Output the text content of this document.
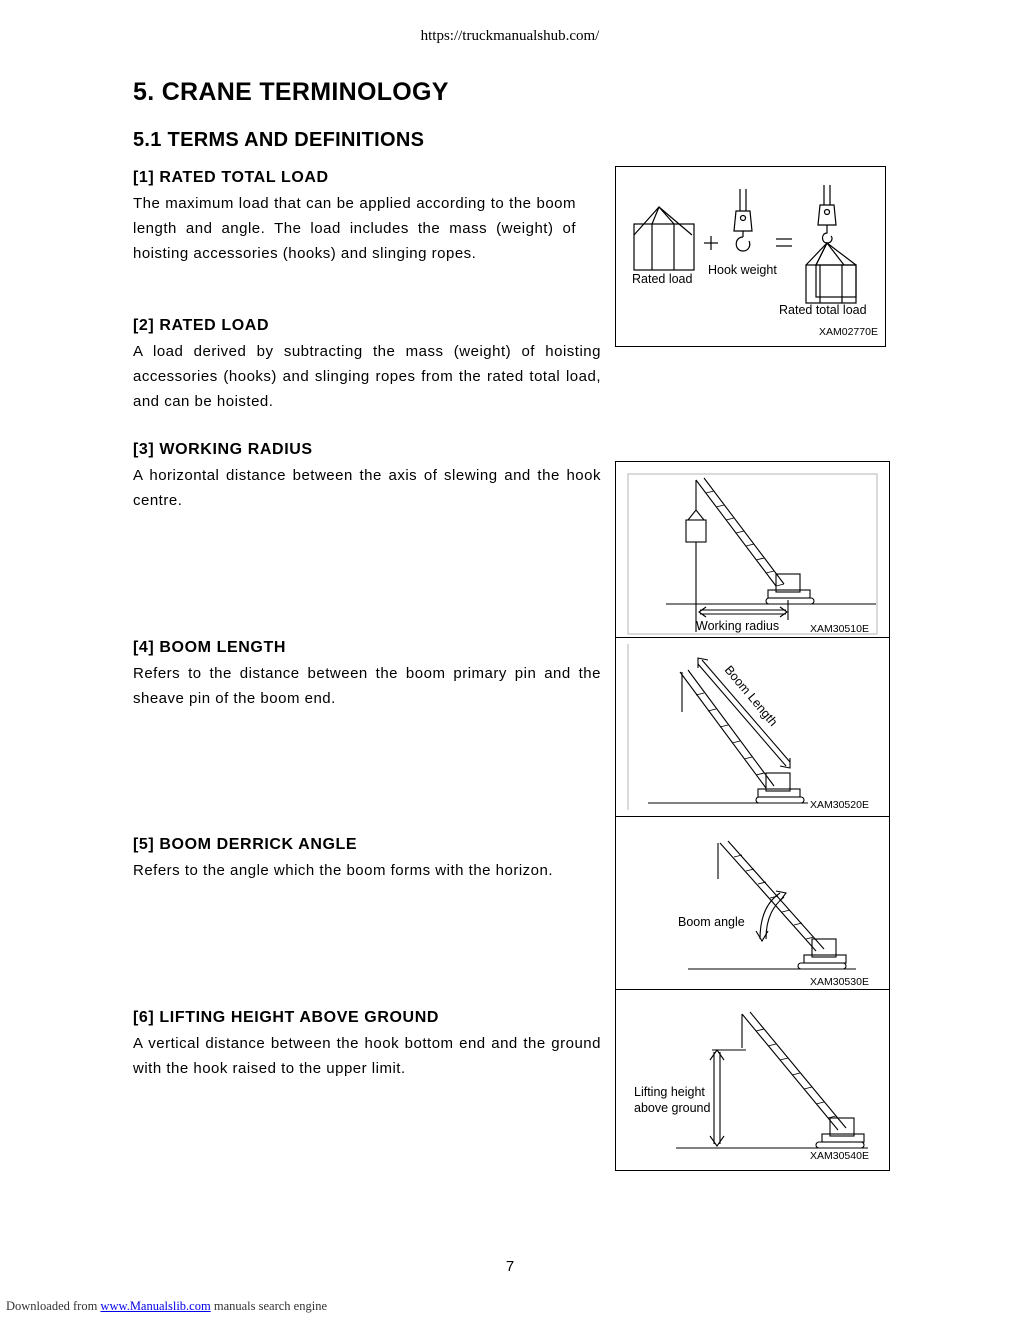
https://truckmanualshub.com/
5. CRANE TERMINOLOGY
5.1 TERMS AND DEFINITIONS
[1] RATED TOTAL LOAD
The maximum load that can be applied according to the boom length and angle. The load includes the mass (weight) of hoisting accessories (hooks) and slinging ropes.
[2] RATED LOAD
A load derived by subtracting the mass (weight) of hoisting accessories (hooks) and slinging ropes from the rated total load, and can be hoisted.
[3] WORKING RADIUS
A horizontal distance between the axis of slewing and the hook centre.
[4] BOOM LENGTH
Refers to the distance between the boom primary pin and the sheave pin of the boom end.
[5] BOOM DERRICK ANGLE
Refers to the angle which the boom forms with the horizon.
[6] LIFTING HEIGHT ABOVE GROUND
A vertical distance between the hook bottom end and the ground with the hook raised to the upper limit.
Rated load
Hook weight
Rated total load
XAM02770E
Working radius	XAM30510E
Boom Length
XAM30520E
Boom angle
XAM30530E
Lifting height
above ground
XAM30540E
7
Downloaded from www.Manualslib.com manuals search engine
